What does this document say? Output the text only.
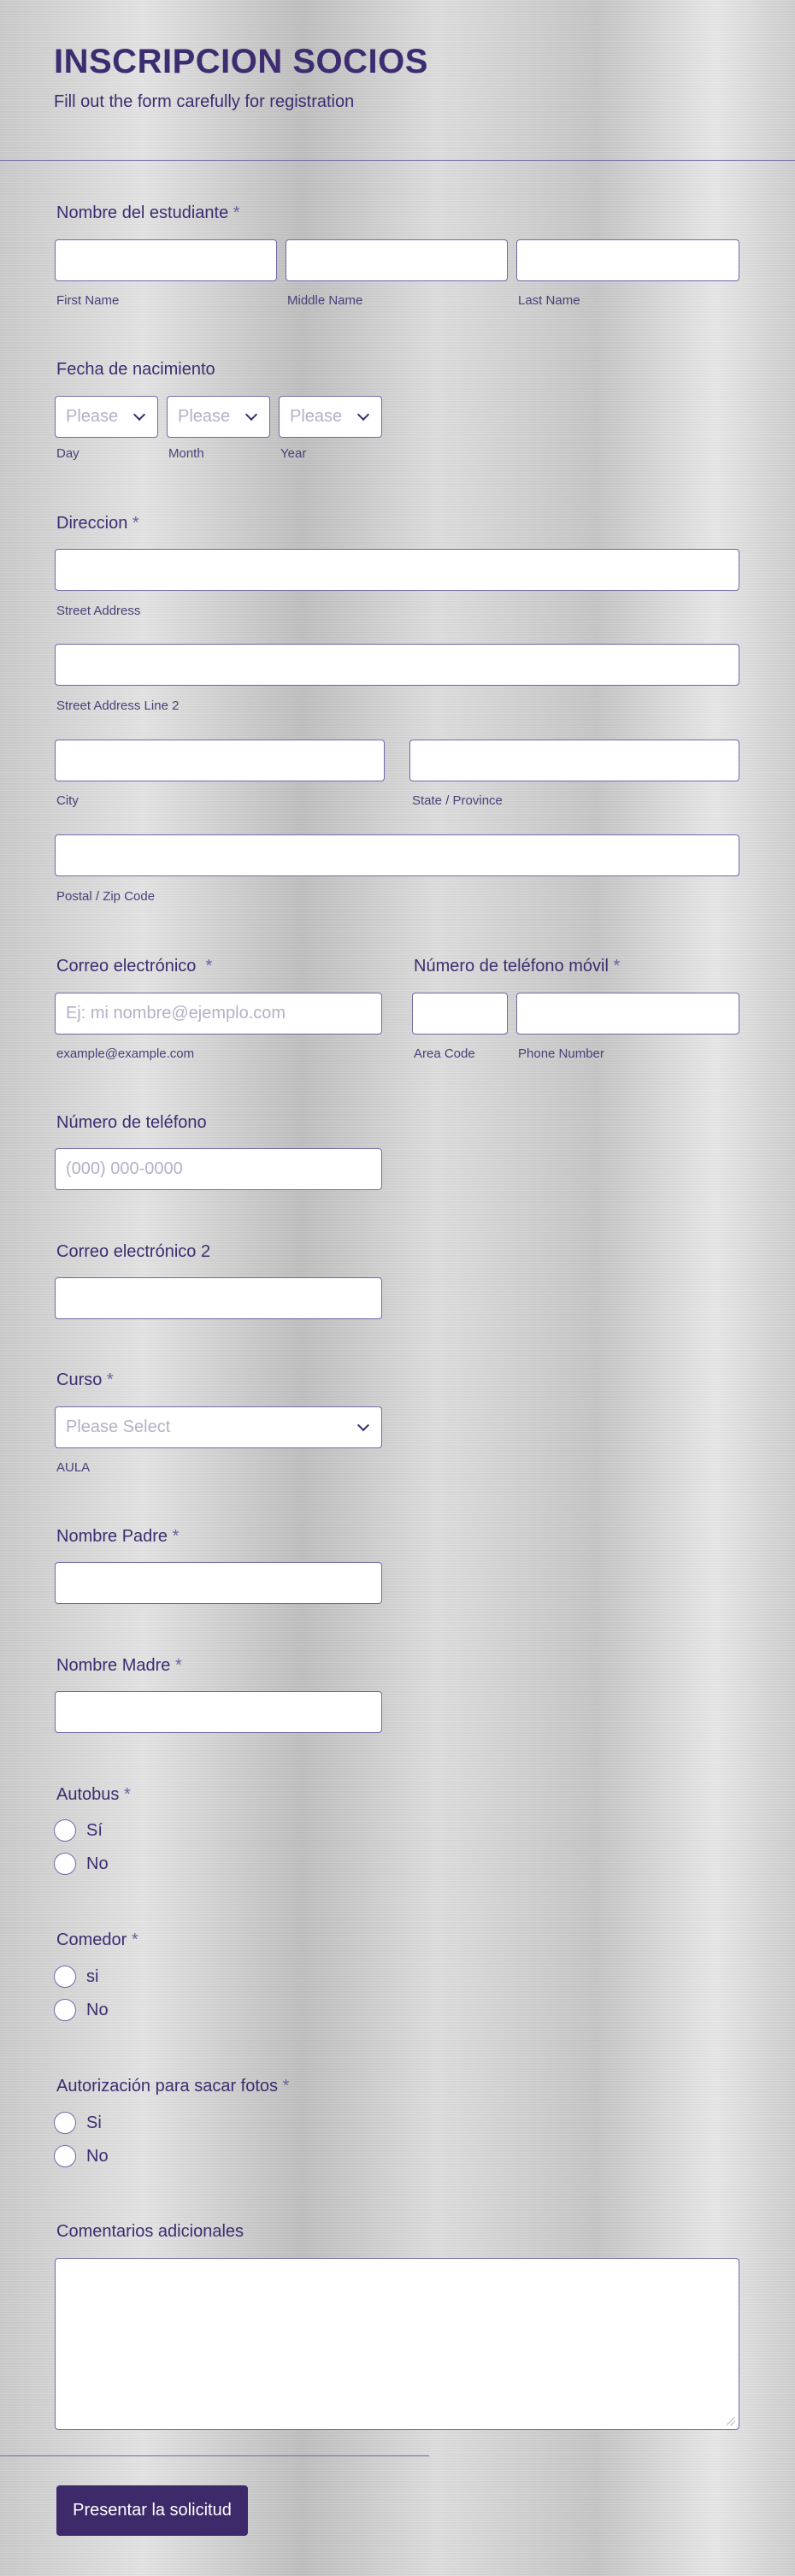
INSCRIPCION SOCIOS
Fill out the form carefully for registration
Nombre del estudiante *
First Name	Middle Name	Last Name
Fecha de nacimiento
Please	Please	Please
Day	Month	Year
Direccion *
Street Address
Street Address Line 2
City	State / Province
Postal / Zip Code
Correo electrónico *
Ej: mi nombre@ejemplo.com
example@example.com
Número de teléfono móvil *
Area Code	Phone Number
Número de teléfono
(000) 000-0000
Correo electrónico 2
Curso *
Please Select
AULA
Nombre Padre *
Nombre Madre *
Autobus *
Sí
No
Comedor *
si
No
Autorización para sacar fotos *
Si
No
Comentarios adicionales
Presentar la solicitud
